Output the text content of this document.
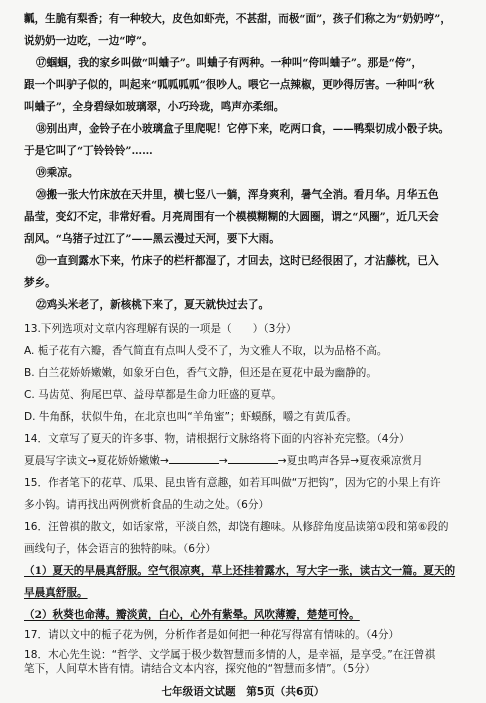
瓤，生脆有梨香；有一种较大，皮色如虾壳，不甚甜，而极“面”，孩子们称之为“奶奶哼”，
说奶奶一边吃，一边“哼”。
⑰蝈蝈，我的家乡叫做“叫蛐子”。叫蛐子有两种。一种叫“侉叫蛐子”。那是“侉”，
跟一个叫驴子似的，叫起来“呱呱呱呱”很吵人。喂它一点辣椒，更吵得厉害。一种叫“秋
叫蛐子”，全身碧绿如玻璃翠，小巧玲珑，鸣声亦柔细。
⑱别出声，金铃子在小玻璃盒子里爬呢！它停下来，吃两口食，——鸭梨切成小骰子块。
于是它叫了“丁铃铃铃”……
⑲乘凉。
⑳搬一张大竹床放在天井里，横七竖八一躺，浑身爽利，暑气全消。看月华。月华五色
晶莹，变幻不定，非常好看。月亮周围有一个模模糊糊的大圆圈，谓之“风圈”，近几天会
刮风。“乌猪子过江了”——黑云漫过天河，要下大雨。
㉑一直到露水下来，竹床子的栏杆都湿了，才回去，这时已经很困了，才沾藤枕，已入
梦乡。
㉒鸡头米老了，新核桃下来了，夏天就快过去了。
13.下列选项对文章内容理解有误的一项是（　　）（3分）
A. 栀子花有六瓣，香气简直有点叫人受不了，为文雅人不取，以为品格不高。
B. 白兰花娇娇嫩嫩，如象牙白色，香气文静，但还是在夏花中最为幽静的。
C. 马齿苋、狗尾巴草、益母草都是生命力旺盛的夏草。
D. 牛角酥，状似牛角，在北京也叫“羊角蜜”；虾蟆酥，嚼之有黄瓜香。
14．文章写了夏天的许多事、物，请根据行文脉络将下面的内容补充完整。（4分）
夏晨写字读文→夏花娇娇嫩嫩→	→	→夏虫鸣声各异→夏夜乘凉赏月
15．作者笔下的花草、瓜果、昆虫皆有意趣，如若耳叫做“万把钩”，因为它的小果上有许
多小钩。请再找出两例赏析食品的生动之处。（6分）
16．汪曾祺的散文，如话家常，平淡自然，却饶有趣味。从修辞角度品读第①段和第⑥段的
画线句子，体会语言的独特韵味。（6分）
（1）夏天的早晨真舒服。空气很凉爽，草上还挂着露水，写大字一张，读古文一篇。夏天的
早晨真舒服。
（2）秋葵也命薄。瓣淡黄，白心，心外有紫晕。风吹薄瓣，楚楚可怜。
17．请以文中的栀子花为例，分析作者是如何把一种花写得富有情味的。（4分）
18．木心先生说：“哲学、文学属于极少数智慧而多情的人，是幸福，是享受。”在汪曾祺
七年级语文试题　第5页（共6页）
笔下，人间草木皆有情。请结合文本内容，探究他的“智慧而多情”。（5分）
